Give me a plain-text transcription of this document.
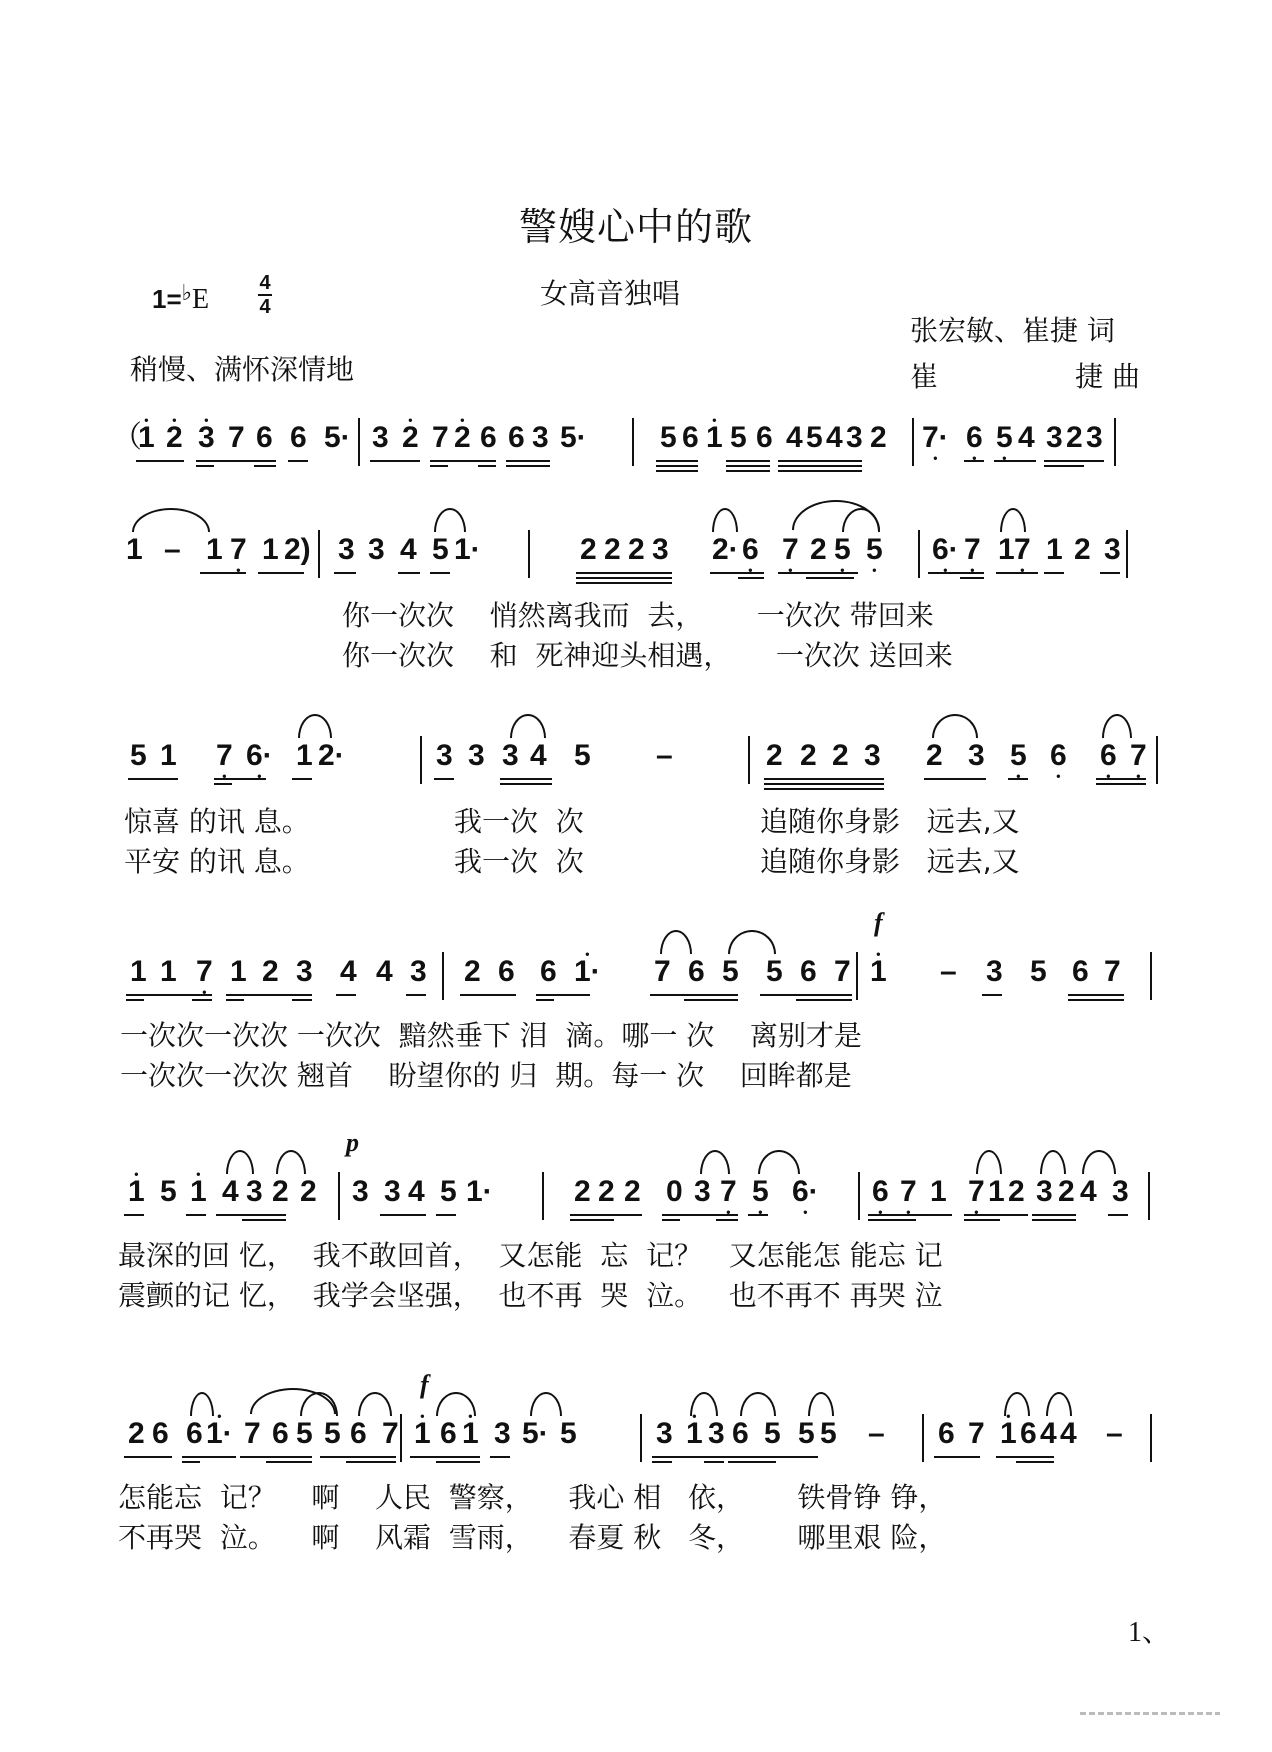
警嫂心中的歌
1=♭E
4
4	女高音独唱
稍慢、满怀深情地
张宏敏、崔捷 词
崔	捷 曲
（
• 1 • 2 • 3 7 6 6 5· 3 • 2 7 • 2 6 6 3 5· 5 6 • 1 5 6 4 5 4 3 2 7· • 6 • 5 • 4 3 2 3
1 – 1 7 • 1 2) 3 3 4 5 1·	2 2 2 3 2· 6 • 7 • 2 5 • 5 • 6· • 7 • 1 7 • 1 2 3
你一次次    悄然离我而  去，      一次次 带回来
你一次次    和  死神迎头相遇，     一次次 送回来
5 1 7 • 6· • 1 2·	3 3 3 4 5 –	2 2 2 3 2 3 5 • 6 • 6 • 7 •
惊喜 的讯 息。
平安 的讯 息。
我一次  次
我一次  次
追随你身影   远去,又
追随你身影   远去,又
1 1 7 • 1 2 3 4 4 3 2 6 6 • 1· 7 6 5 5 6 7
f
• 1 – 3 5 6 7
一次次一次次 一次次  黯然垂下 泪  滴。哪一 次    离别才是
一次次一次次 翘首    盼望你的 归  期。每一 次    回眸都是
• 1 5 • 1 4 3 2 2
p
3 3 4 5 1·	2 2 2 0 3 7 • 5 • 6· • 6 • 7 • 1 7 • 1 2 3 2 4 3
最深的回 忆，  我不敢回首，  又怎能  忘  记？   又怎能怎 能忘 记
震颤的记 忆，  我学会坚强，  也不再  哭  泣。   也不再不 再哭 泣
2 6 6 • 1· 7 6 5 5 6 7
f
• 1 6 • 1 3 5· 5	3 • 1 3 6 5 5 5 – 6 7 • 1 6 4 4 –
怎能忘  记？    啊    人民  警察，    我心 相   依，      铁骨铮 铮，
不再哭  泣。    啊    风霜  雪雨，    春夏 秋   冬，      哪里艰 险，
1、
